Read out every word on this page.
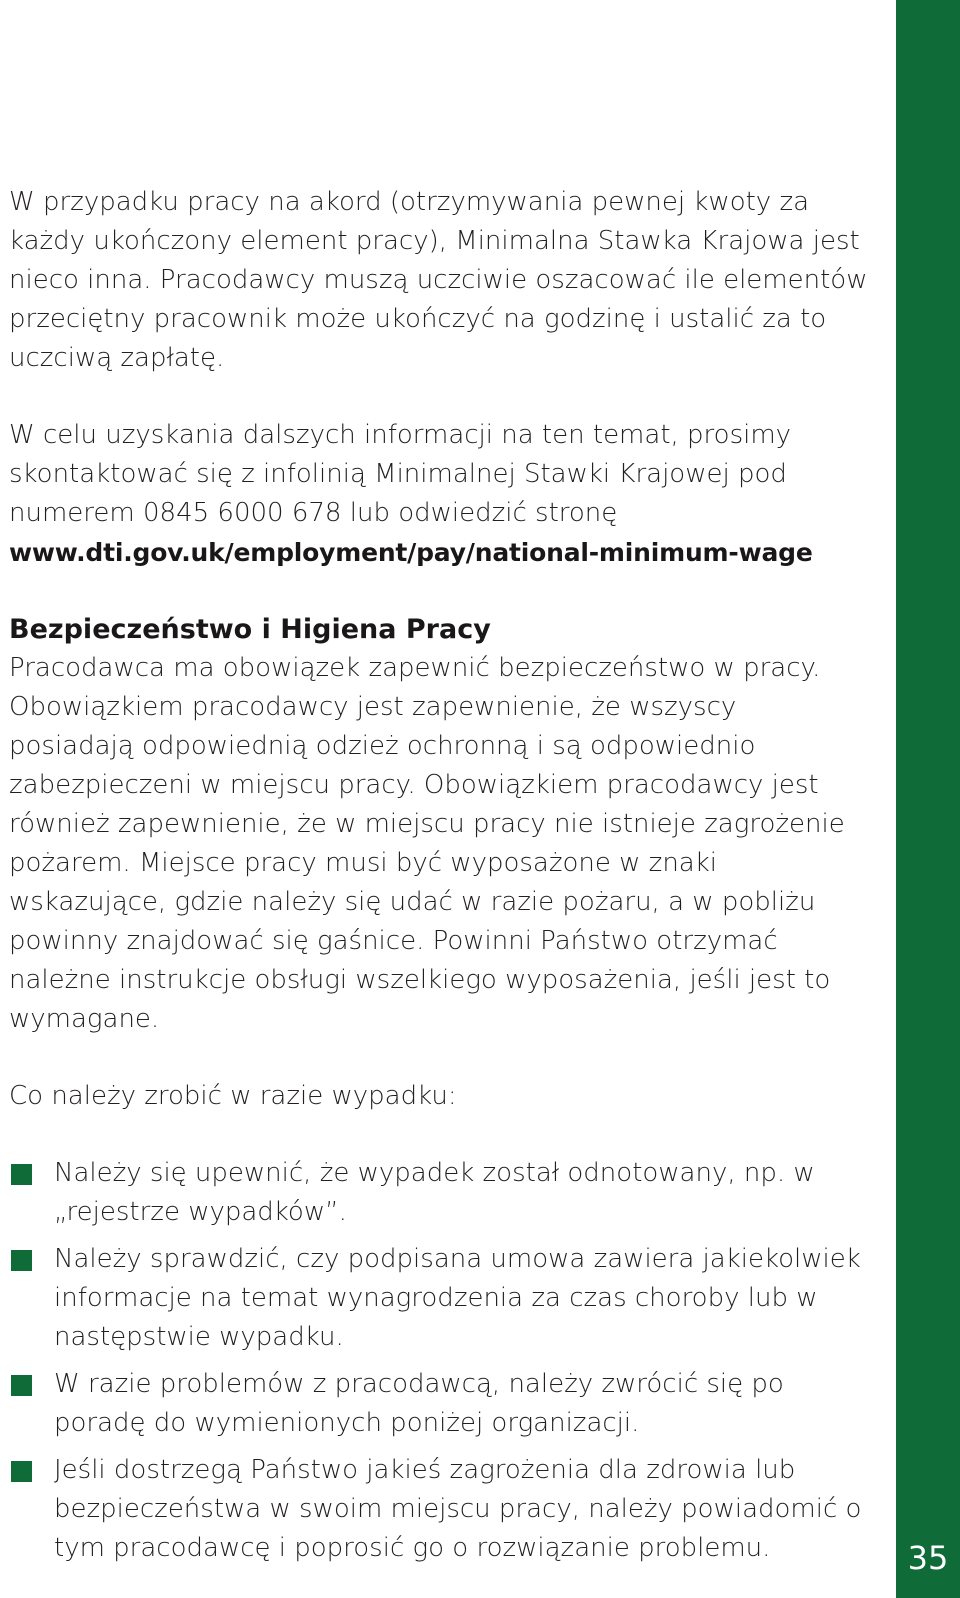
W przypadku pracy na akord (otrzymywania pewnej kwoty za każdy ukończony element pracy), Minimalna Stawka Krajowa jest nieco inna. Pracodawcy muszą uczciwie oszacować ile elementów przeciętny pracownik może ukończyć na godzinę i ustalić za to uczciwą zapłatę.

W celu uzyskania dalszych informacji na ten temat, prosimy skontaktować się z infolinią Minimalnej Stawki Krajowej pod numerem 0845 6000 678 lub odwiedzić stronę
www.dti.gov.uk/employment/pay/national-minimum-wage

Bezpieczeństwo i Higiena Pracy

Pracodawca ma obowiązek zapewnić bezpieczeństwo w pracy. Obowiązkiem pracodawcy jest zapewnienie, że wszyscy posiadają odpowiednią odzież ochronną i są odpowiednio zabezpieczeni w miejscu pracy. Obowiązkiem pracodawcy jest również zapewnienie, że w miejscu pracy nie istnieje zagrożenie pożarem. Miejsce pracy musi być wyposażone w znaki wskazujące, gdzie należy się udać w razie pożaru, a w pobliżu powinny znajdować się gaśnice. Powinni Państwo otrzymać należne instrukcje obsługi wszelkiego wyposażenia, jeśli jest to wymagane.

Co należy zrobić w razie wypadku:

Należy się upewnić, że wypadek został odnotowany, np. w „rejestrze wypadków”.
Należy sprawdzić, czy podpisana umowa zawiera jakiekolwiek informacje na temat wynagrodzenia za czas choroby lub w następstwie wypadku.
W razie problemów z pracodawcą, należy zwrócić się po poradę do wymienionych poniżej organizacji.
Jeśli dostrzegą Państwo jakieś zagrożenia dla zdrowia lub bezpieczeństwa w swoim miejscu pracy, należy powiadomić o tym pracodawcę i poprosić go o rozwiązanie problemu.	35
